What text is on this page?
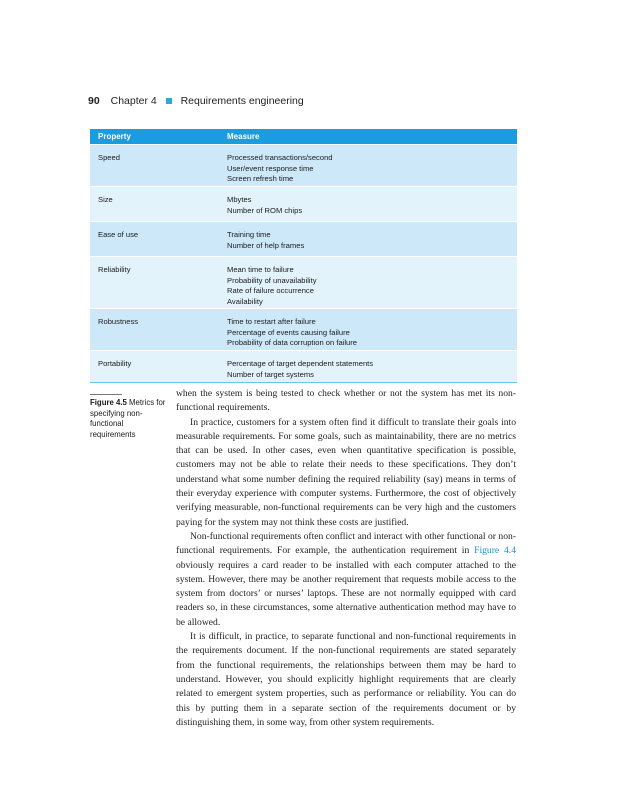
90 Chapter 4 Requirements engineering
Property	Measure
Speed	Processed transactions/second
User/event response time
Screen refresh time
Size	Mbytes
Number of ROM chips
Ease of use	Training time
Number of help frames
Reliability	Mean time to failure
Probability of unavailability
Rate of failure occurrence
Availability
Robustness	Time to restart after failure
Percentage of events causing failure
Probability of data corruption on failure
Portability	Percentage of target dependent statements
Number of target systems
Figure 4.5 Metrics for specifying non-functional requirements

when the system is being tested to check whether or not the system has met its non-functional requirements.

In practice, customers for a system often find it difficult to translate their goals into measurable requirements. For some goals, such as maintainability, there are no metrics that can be used. In other cases, even when quantitative specification is possible, customers may not be able to relate their needs to these specifications. They don’t understand what some number defining the required reliability (say) means in terms of their everyday experience with computer systems. Furthermore, the cost of objectively verifying measurable, non-functional requirements can be very high and the customers paying for the system may not think these costs are justified.

Non-functional requirements often conflict and interact with other functional or non-functional requirements. For example, the authentication requirement in Figure 4.4 obviously requires a card reader to be installed with each computer attached to the system. However, there may be another requirement that requests mobile access to the system from doctors’ or nurses’ laptops. These are not normally equipped with card readers so, in these circumstances, some alternative authentication method may have to be allowed.

It is difficult, in practice, to separate functional and non-functional requirements in the requirements document. If the non-functional requirements are stated separately from the functional requirements, the relationships between them may be hard to understand. However, you should explicitly highlight requirements that are clearly related to emergent system properties, such as performance or reliability. You can do this by putting them in a separate section of the requirements document or by distinguishing them, in some way, from other system requirements.
